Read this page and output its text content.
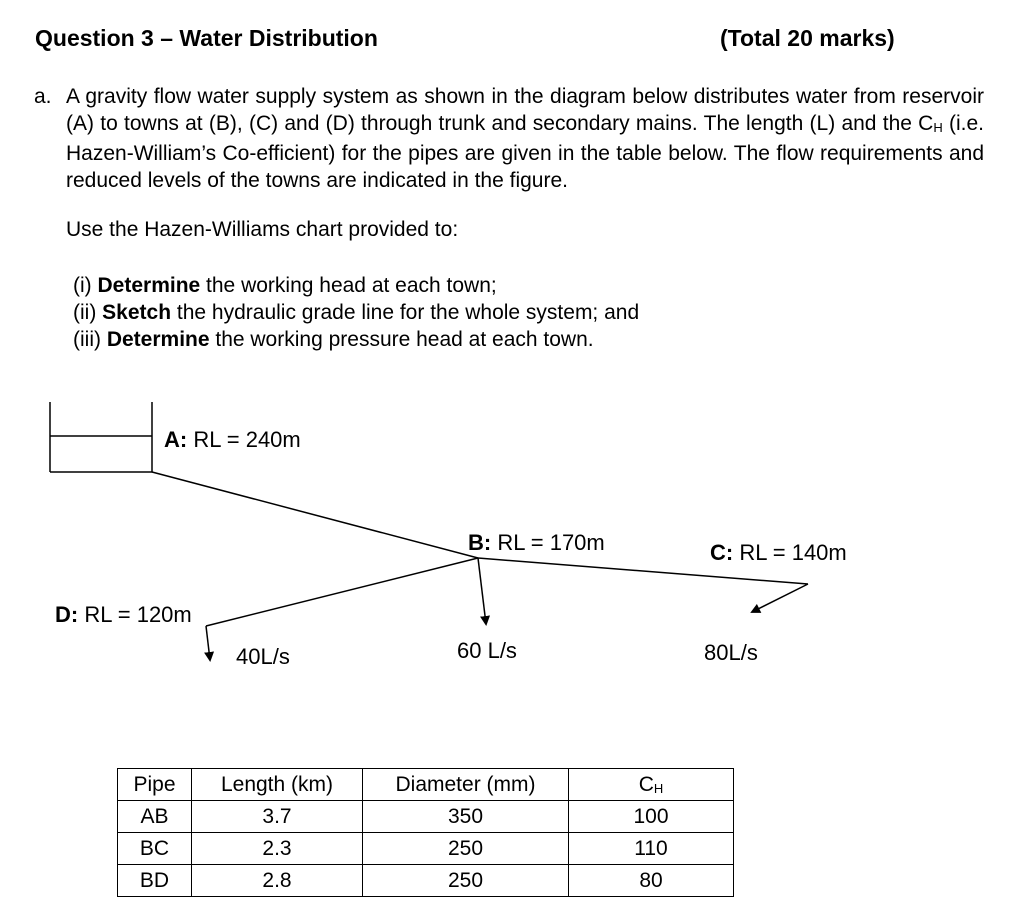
Question 3 – Water Distribution	(Total 20 marks)
a. A gravity flow water supply system as shown in the diagram below distributes water from reservoir (A) to towns at (B), (C) and (D) through trunk and secondary mains. The length (L) and the $C_H$ (i.e. Hazen-William’s Co-efficient) for the pipes are given in the table below. The flow requirements and reduced levels of the towns are indicated in the figure.
Use the Hazen-Williams chart provided to:
(i) Determine the working head at each town;
(ii) Sketch the hydraulic grade line for the whole system; and
(iii) Determine the working pressure head at each town.
A: RL = 240m
B: RL = 170m	C: RL = 140m
D: RL = 120m
40L/s	60 L/s	80L/s
Pipe	Length (km)	Diameter (mm)	$C_H$
AB	3.7	350	100
BC	2.3	250	110
BD	2.8	250	80
